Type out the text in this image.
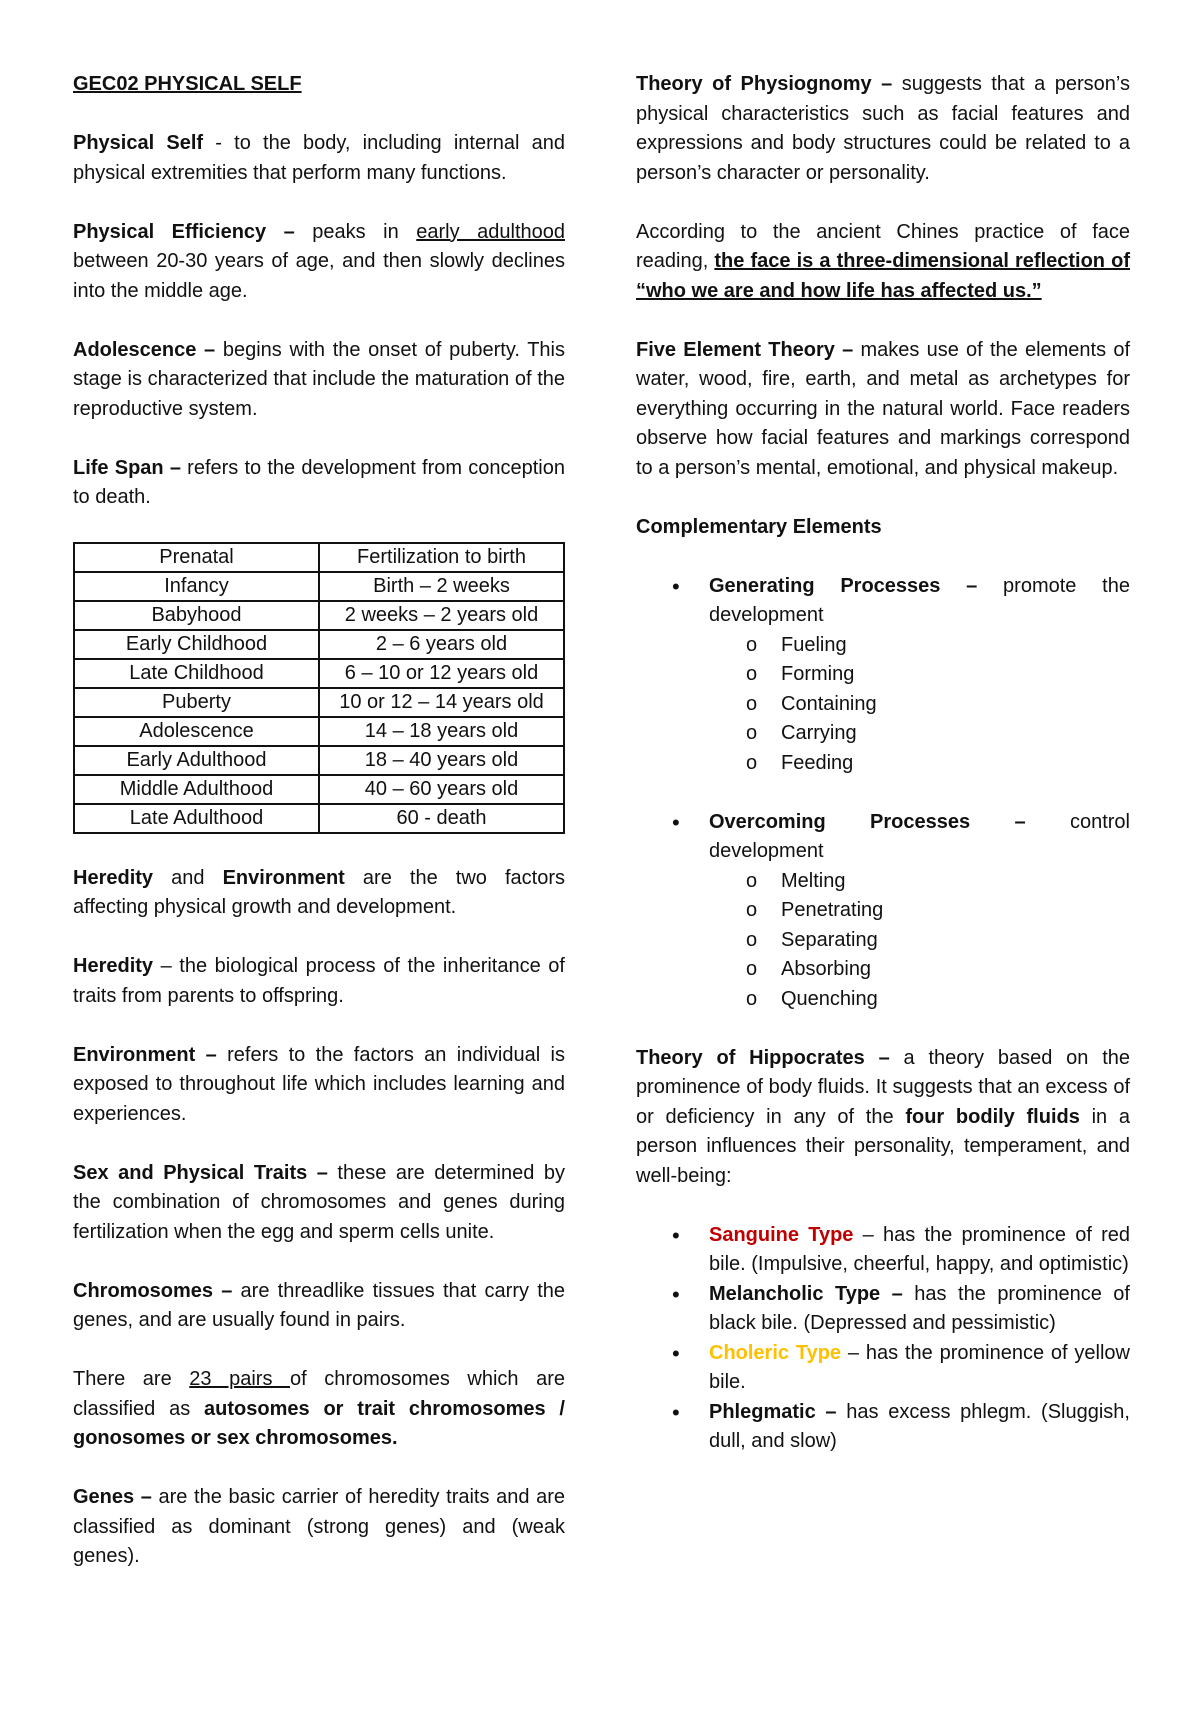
GEC02 PHYSICAL SELF

Physical Self - to the body, including internal and physical extremities that perform many functions.

Physical Efficiency – peaks in early adulthood between 20-30 years of age, and then slowly declines into the middle age.

Adolescence – begins with the onset of puberty. This stage is characterized that include the maturation of the reproductive system.

Life Span – refers to the development from conception to death.

Prenatal	Fertilization to birth
Infancy	Birth – 2 weeks
Babyhood	2 weeks – 2 years old
Early Childhood	2 – 6 years old
Late Childhood	6 – 10 or 12 years old
Puberty	10 or 12 – 14 years old
Adolescence	14 – 18 years old
Early Adulthood	18 – 40 years old
Middle Adulthood	40 – 60 years old
Late Adulthood	60 - death

Heredity and Environment are the two factors affecting physical growth and development.

Heredity – the biological process of the inheritance of traits from parents to offspring.

Environment – refers to the factors an individual is exposed to throughout life which includes learning and experiences.

Sex and Physical Traits – these are determined by the combination of chromosomes and genes during fertilization when the egg and sperm cells unite.

Chromosomes – are threadlike tissues that carry the genes, and are usually found in pairs.

There are 23 pairs of chromosomes which are classified as autosomes or trait chromosomes / gonosomes or sex chromosomes.

Genes – are the basic carrier of heredity traits and are classified as dominant (strong genes) and (weak genes).

Theory of Physiognomy – suggests that a person’s physical characteristics such as facial features and expressions and body structures could be related to a person’s character or personality.

According to the ancient Chines practice of face reading, the face is a three-dimensional reflection of “who we are and how life has affected us.”

Five Element Theory – makes use of the elements of water, wood, fire, earth, and metal as archetypes for everything occurring in the natural world. Face readers observe how facial features and markings correspond to a person’s mental, emotional, and physical makeup.

Complementary Elements

• Generating Processes – promote the development
o Fueling
o Forming
o Containing
o Carrying
o Feeding
• Overcoming Processes – control development
o Melting
o Penetrating
o Separating
o Absorbing
o Quenching

Theory of Hippocrates – a theory based on the prominence of body fluids. It suggests that an excess of or deficiency in any of the four bodily fluids in a person influences their personality, temperament, and well-being:

• Sanguine Type – has the prominence of red bile. (Impulsive, cheerful, happy, and optimistic)
• Melancholic Type – has the prominence of black bile. (Depressed and pessimistic)
• Choleric Type – has the prominence of yellow bile.
• Phlegmatic – has excess phlegm. (Sluggish, dull, and slow)
